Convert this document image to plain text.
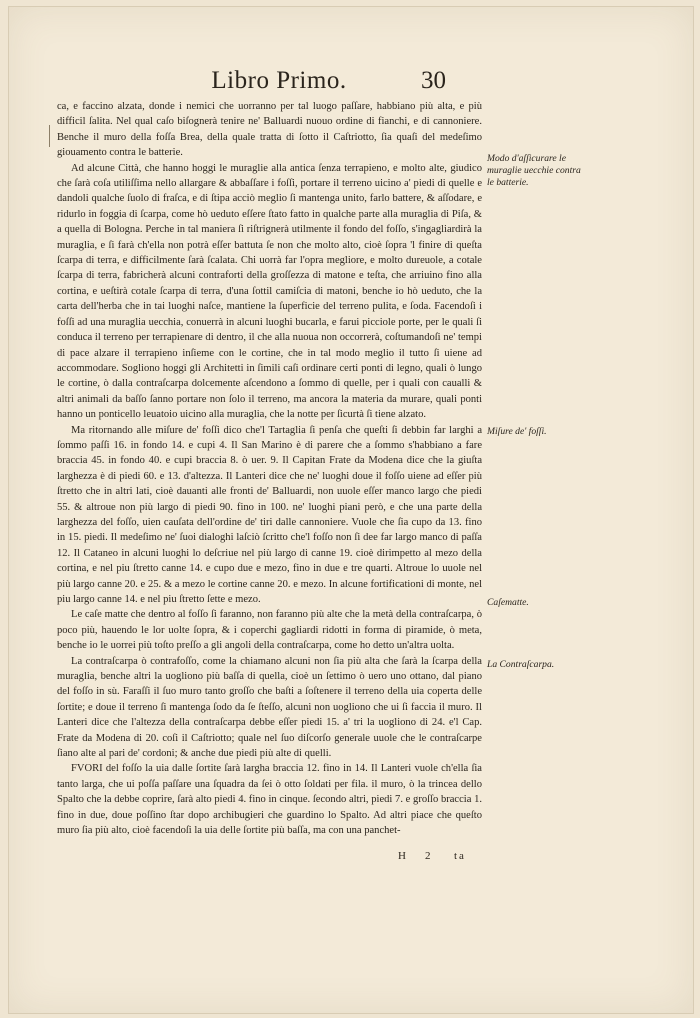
Libro Primo.	30

ca, e faccino alzata, donde i nemici che uorranno per tal luogo paſſare, habbiano più alta, e più difficil ſalita. Nel qual caſo biſognerà tenire ne' Balluardi nuouo ordine di fianchi, e di cannoniere. Benche il muro della foſſa Brea, della quale tratta di ſotto il Caſtriotto, ſia quaſi del medeſimo giouamento contra le batterie.

Ad alcune Città, che hanno hoggi le muraglie alla antica ſenza terrapieno, e molto alte, giudico che ſarà coſa utiliſſima nello allargare & abbaſſare i foſſi, portare il terreno uicino a' piedi di quelle e dandoli qualche ſuolo di fraſca, e di ſtipa acciò meglio ſi mantenga unito, farlo battere, & aſſodare, e ridurlo in foggia di ſcarpa, come hò ueduto eſſere ſtato fatto in qualche parte alla muraglia di Piſa, & a quella di Bologna. Perche in tal maniera ſi riſtrignerà utilmente il fondo del foſſo, s'ingagliardirà la muraglia, e ſi farà ch'ella non potrà eſſer battuta ſe non che molto alto, cioè ſopra 'l finire di queſta ſcarpa di terra, e difficilmente ſarà ſcalata. Chi uorrà far l'opra megliore, e molto dureuole, a cotale ſcarpa di terra, fabricherà alcuni contraforti della groſſezza di matone e teſta, che arriuino fino alla cortina, e ueſtirà cotale ſcarpa di terra, d'una ſottil camiſcia di matoni, benche io hò ueduto, che la carta dell'herba che in tai luoghi naſce, mantiene la ſuperficie del terreno pulita, e ſoda. Facendoſi i foſſi ad una muraglia uecchia, conuerrà in alcuni luoghi bucarla, e farui picciole porte, per le quali ſi conduca il terreno per terrapienare di dentro, il che alla nuoua non occorrerà, coſtumandoſi ne' tempi di pace alzare il terrapieno inſieme con le cortine, che in tal modo meglio il tutto ſi uiene ad accommodare. Sogliono hoggi gli Architetti in ſimili caſi ordinare certi ponti di legno, quali ò lungo le cortine, ò dalla contraſcarpa dolcemente aſcendono a ſommo di quelle, per i quali con caualli & altri animali da baſſo ſanno portare non ſolo il terreno, ma ancora la materia da murare, quali ponti hanno un ponticello leuatoio uicino alla muraglia, che la notte per ſicurtà ſi tiene alzato.

Ma ritornando alle miſure de' foſſi dico che'l Tartaglia ſi penſa che queſti ſi debbin far larghi a ſommo paſſi 16. in fondo 14. e cupi 4. Il San Marino è di parere che a ſommo s'habbiano a fare braccia 45. in fondo 40. e cupi braccia 8. ò uer. 9. Il Capitan Frate da Modena dice che la giuſta larghezza è di piedi 60. e 13. d'altezza. Il Lanteri dice che ne' luoghi doue il foſſo uiene ad eſſer più ſtretto che in altri lati, cioè dauanti alle fronti de' Balluardi, non uuole eſſer manco largo che piedi 55. & altroue non più largo di piedi 90. fino in 100. ne' luoghi piani però, e che una parte della larghezza del foſſo, uien cauſata dell'ordine de' tiri dalle cannoniere. Vuole che ſia cupo da 13. fino in 15. piedi. Il medeſimo ne' ſuoi dialoghi laſciò ſcritto che'l foſſo non ſi dee far largo manco di paſſa 12. Il Cataneo in alcuni luoghi lo deſcriue nel più largo di canne 19. cioè dirimpetto al mezo della cortina, e nel piu ſtretto canne 14. e cupo due e mezo, fino in due e tre quarti. Altroue lo uuole nel più largo canne 20. e 25. & a mezo le cortine canne 20. e mezo. In alcune fortificationi di monte, nel piu largo canne 14. e nel piu ſtretto ſette e mezo.

Le caſe matte che dentro al foſſo ſi faranno, non faranno più alte che la metà della contraſcarpa, ò poco più, hauendo le lor uolte ſopra, & i coperchi gagliardi ridotti in forma di piramide, ò meta, benche io le uorrei più toſto preſſo a gli angoli della contraſcarpa, come ho detto un'altra uolta.

La contraſcarpa ò contrafoſſo, come la chiamano alcuni non ſia più alta che ſarà la ſcarpa della muraglia, benche altri la uogliono più baſſa di quella, cioè un ſettimo ò uero uno ottano, dal piano del foſſo in sù. Faraſſi il ſuo muro tanto groſſo che baſti a ſoſtenere il terreno della uia coperta delle ſortite; e doue il terreno ſi mantenga ſodo da ſe ſteſſo, alcuni non uogliono che ui ſi faccia il muro. Il Lanteri dice che l'altezza della contraſcarpa debbe eſſer piedi 15. a' tri la uogliono di 24. e'l Cap. Frate da Modena di 20. coſi il Caſtriotto; quale nel ſuo diſcorſo generale uuole che le contraſcarpe ſiano alte al pari de' cordoni; & anche due piedi più alte di quelli.

FVORI del foſſo la uia dalle ſortite ſarà largha braccia 12. fino in 14. Il Lanteri vuole ch'ella ſia tanto larga, che ui poſſa paſſare una ſquadra da ſei ò otto ſoldati per fila. il muro, ò la trincea dello Spalto che la debbe coprire, ſarà alto piedi 4. fino in cinque. ſecondo altri, piedi 7. e groſſo braccia 1. fino in due, doue poſſino ſtar dopo archibugieri che guardino lo Spalto. Ad altri piace che queſto muro ſia più alto, cioè facendoſi la uia delle ſortite più baſſa, ma con una panchet-

Modo d'aſſicurare le muraglie uecchie contra le batterie.
Miſure de' foſſi.
Caſematte.
La Contraſcarpa.
H 2 ta
